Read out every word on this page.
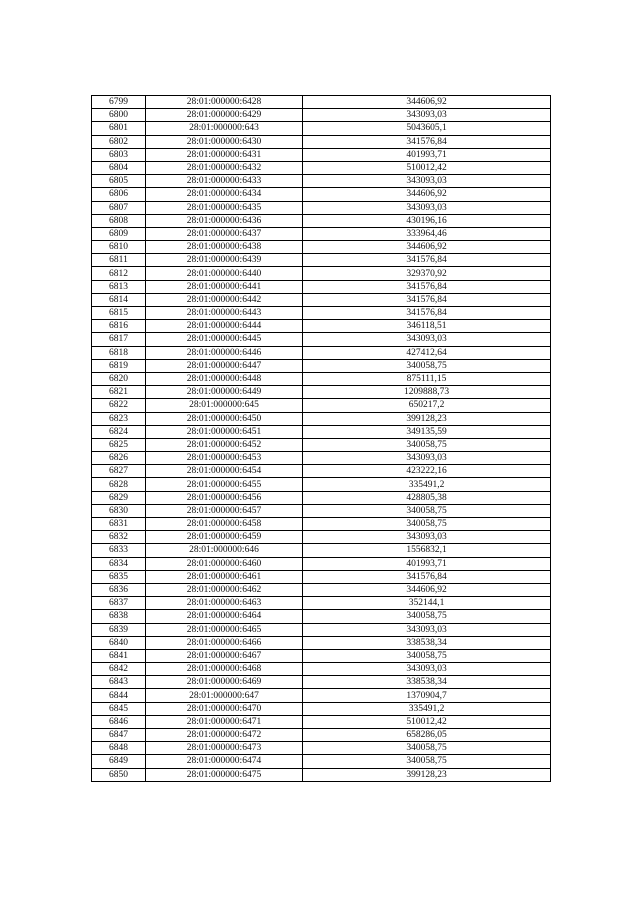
6799	28:01:000000:6428	344606,92
6800	28:01:000000:6429	343093,03
6801	28:01:000000:643	5043605,1
6802	28:01:000000:6430	341576,84
6803	28:01:000000:6431	401993,71
6804	28:01:000000:6432	510012,42
6805	28:01:000000:6433	343093,03
6806	28:01:000000:6434	344606,92
6807	28:01:000000:6435	343093,03
6808	28:01:000000:6436	430196,16
6809	28:01:000000:6437	333964,46
6810	28:01:000000:6438	344606,92
6811	28:01:000000:6439	341576,84
6812	28:01:000000:6440	329370,92
6813	28:01:000000:6441	341576,84
6814	28:01:000000:6442	341576,84
6815	28:01:000000:6443	341576,84
6816	28:01:000000:6444	346118,51
6817	28:01:000000:6445	343093,03
6818	28:01:000000:6446	427412,64
6819	28:01:000000:6447	340058,75
6820	28:01:000000:6448	875111,15
6821	28:01:000000:6449	1209888,73
6822	28:01:000000:645	650217,2
6823	28:01:000000:6450	399128,23
6824	28:01:000000:6451	349135,59
6825	28:01:000000:6452	340058,75
6826	28:01:000000:6453	343093,03
6827	28:01:000000:6454	423222,16
6828	28:01:000000:6455	335491,2
6829	28:01:000000:6456	428805,38
6830	28:01:000000:6457	340058,75
6831	28:01:000000:6458	340058,75
6832	28:01:000000:6459	343093,03
6833	28:01:000000:646	1556832,1
6834	28:01:000000:6460	401993,71
6835	28:01:000000:6461	341576,84
6836	28:01:000000:6462	344606,92
6837	28:01:000000:6463	352144,1
6838	28:01:000000:6464	340058,75
6839	28:01:000000:6465	343093,03
6840	28:01:000000:6466	338538,34
6841	28:01:000000:6467	340058,75
6842	28:01:000000:6468	343093,03
6843	28:01:000000:6469	338538,34
6844	28:01:000000:647	1370904,7
6845	28:01:000000:6470	335491,2
6846	28:01:000000:6471	510012,42
6847	28:01:000000:6472	658286,05
6848	28:01:000000:6473	340058,75
6849	28:01:000000:6474	340058,75
6850	28:01:000000:6475	399128,23
